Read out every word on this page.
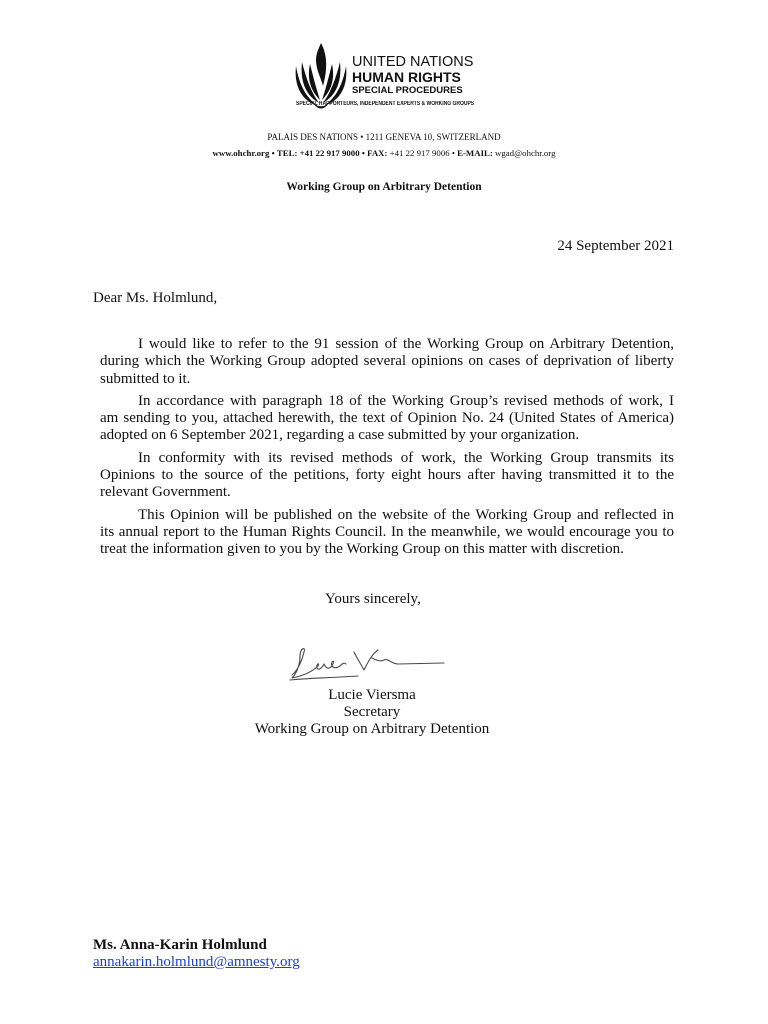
UNITED NATIONS
HUMAN RIGHTS
SPECIAL PROCEDURES
SPECIAL RAPPORTEURS, INDEPENDENT EXPERTS & WORKING GROUPS
PALAIS DES NATIONS • 1211 GENEVA 10, SWITZERLAND
www.ohchr.org • TEL: +41 22 917 9000 • FAX: +41 22 917 9006 • E-MAIL: wgad@ohchr.org
Working Group on Arbitrary Detention
24 September 2021
Dear Ms. Holmlund,
I would like to refer to the 91 session of the Working Group on Arbitrary Detention,
during which the Working Group adopted several opinions on cases of deprivation of liberty
submitted to it.
In accordance with paragraph 18 of the Working Group’s revised methods of work, I
am sending to you, attached herewith, the text of Opinion No. 24 (United States of America)
adopted on 6 September 2021, regarding a case submitted by your organization.
In conformity with its revised methods of work, the Working Group transmits its
Opinions to the source of the petitions, forty eight hours after having transmitted it to the
relevant Government.
This Opinion will be published on the website of the Working Group and reflected in
its annual report to the Human Rights Council. In the meanwhile, we would encourage you to
treat the information given to you by the Working Group on this matter with discretion.
Yours sincerely,
Lucie Viersma
Secretary
Working Group on Arbitrary Detention
Ms. Anna-Karin Holmlund
annakarin.holmlund@amnesty.org
